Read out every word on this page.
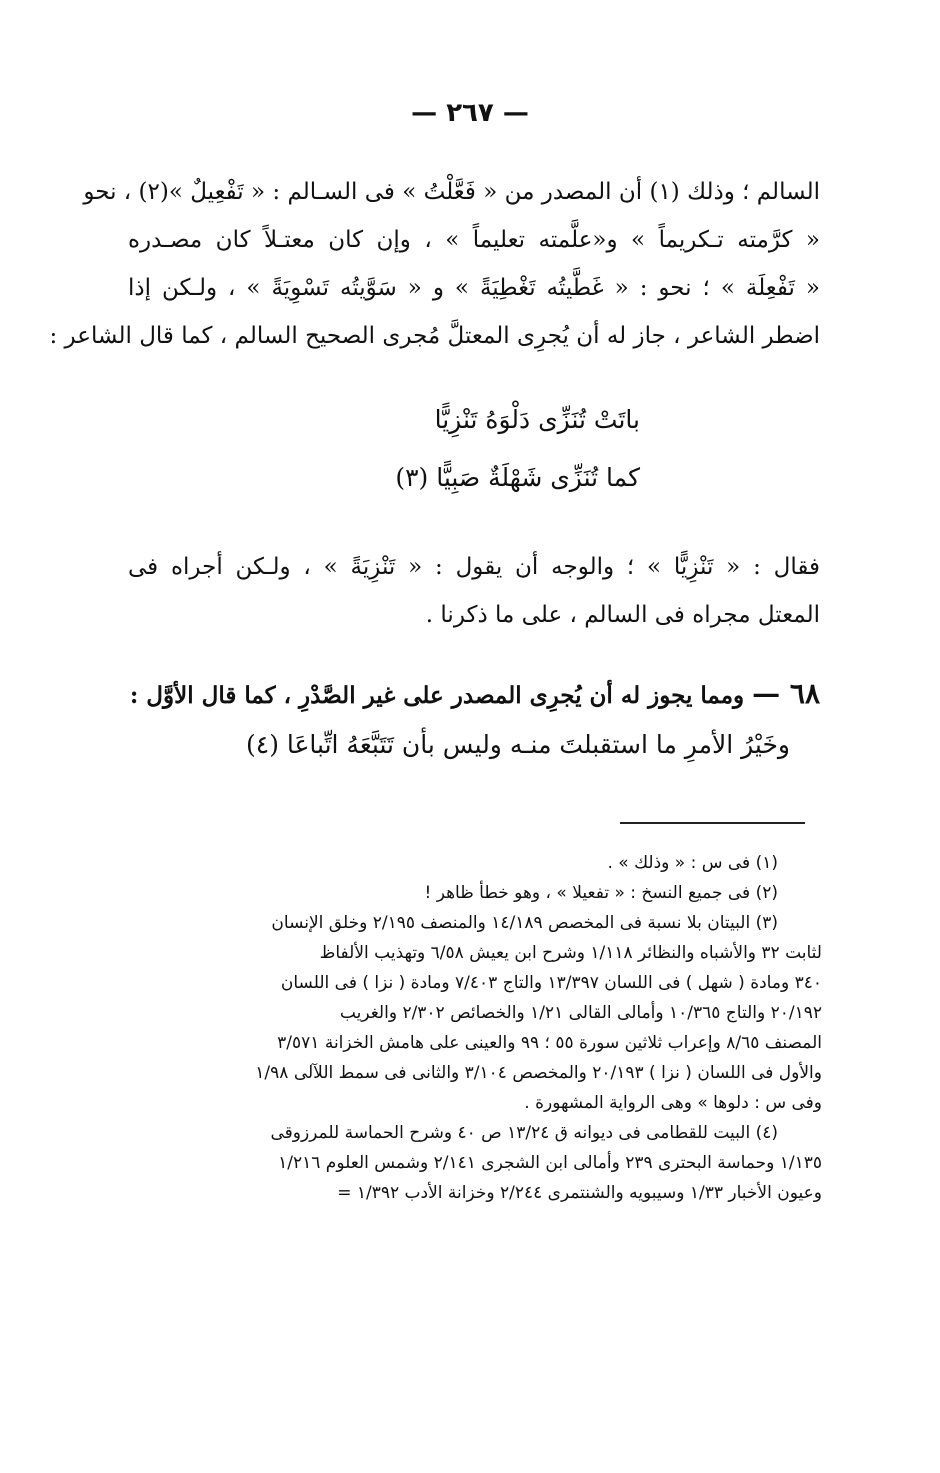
— ٢٦٧ —
السالم ؛ وذلك (١) أن المصدر من « فَعَّلْتُ » فى السـالم : « تَفْعِيلٌ »(٢) ، نحو
« كرَّمته تـكريماً » و«علَّمته تعليماً » ، وإن كان معتـلاً كان مصـدره
« تَفْعِلَة » ؛ نحو : « غَطَّيتُه تَغْطِيَةً » و « سَوَّيتُه تَسْوِيَةً » ، ولـكن إذا
اضطر الشاعر ، جاز له أن يُجرِى المعتلَّ مُجرى الصحيح السالم ، كما قال الشاعر :
باتَتْ تُنَزِّى دَلْوَهُ تَنْزِيًّا
كما تُنَزِّى شَهْلَةٌ صَبِيًّا (٣)
فقال : « تَنْزِيًّا » ؛ والوجه أن يقول : « تَنْزِيَةً » ، ولـكن أجراه فى
المعتل مجراه فى السالم ، على ما ذكرنا .
٦٨ — ومما يجوز له أن يُجرِى المصدر على غير الصَّدْرِ ، كما قال الأوَّل :
وخَيْرُ الأمرِ ما استقبلتَ منـه وليس بأن تَتَبَّعَهُ اتِّباعَا (٤)
(١) فى س : « وذلك » .
(٢) فى جميع النسخ : « تفعيلا » ، وهو خطأ ظاهر !
(٣) البيتان بلا نسبة فى المخصص ١٤/١٨٩ والمنصف ٢/١٩٥ وخلق الإنسان
لثابت ٣٢ والأشباه والنظائر ١/١١٨ وشرح ابن يعيش ٦/٥٨ وتهذيب الألفاظ
٣٤٠ ومادة ( شهل ) فى اللسان ١٣/٣٩٧ والتاج ٧/٤٠٣ ومادة ( نزا ) فى اللسان
٢٠/١٩٢ والتاج ١٠/٣٦٥ وأمالى القالى ١/٢١ والخصائص ٢/٣٠٢ والغريب
المصنف ٨/٦٥ وإعراب ثلاثين سورة ٥٥ ؛ ٩٩ والعينى على هامش الخزانة ٣/٥٧١
والأول فى اللسان ( نزا ) ٢٠/١٩٣ والمخصص ٣/١٠٤ والثانى فى سمط اللآلى ١/٩٨
وفى س : دلوها » وهى الرواية المشهورة .
(٤) البيت للقطامى فى ديوانه ق ١٣/٢٤ ص ٤٠ وشرح الحماسة للمرزوقى
١/١٣٥ وحماسة البحترى ٢٣٩ وأمالى ابن الشجرى ٢/١٤١ وشمس العلوم ١/٢١٦
وعيون الأخبار ١/٣٣ وسيبويه والشنتمرى ٢/٢٤٤ وخزانة الأدب ١/٣٩٢ =
